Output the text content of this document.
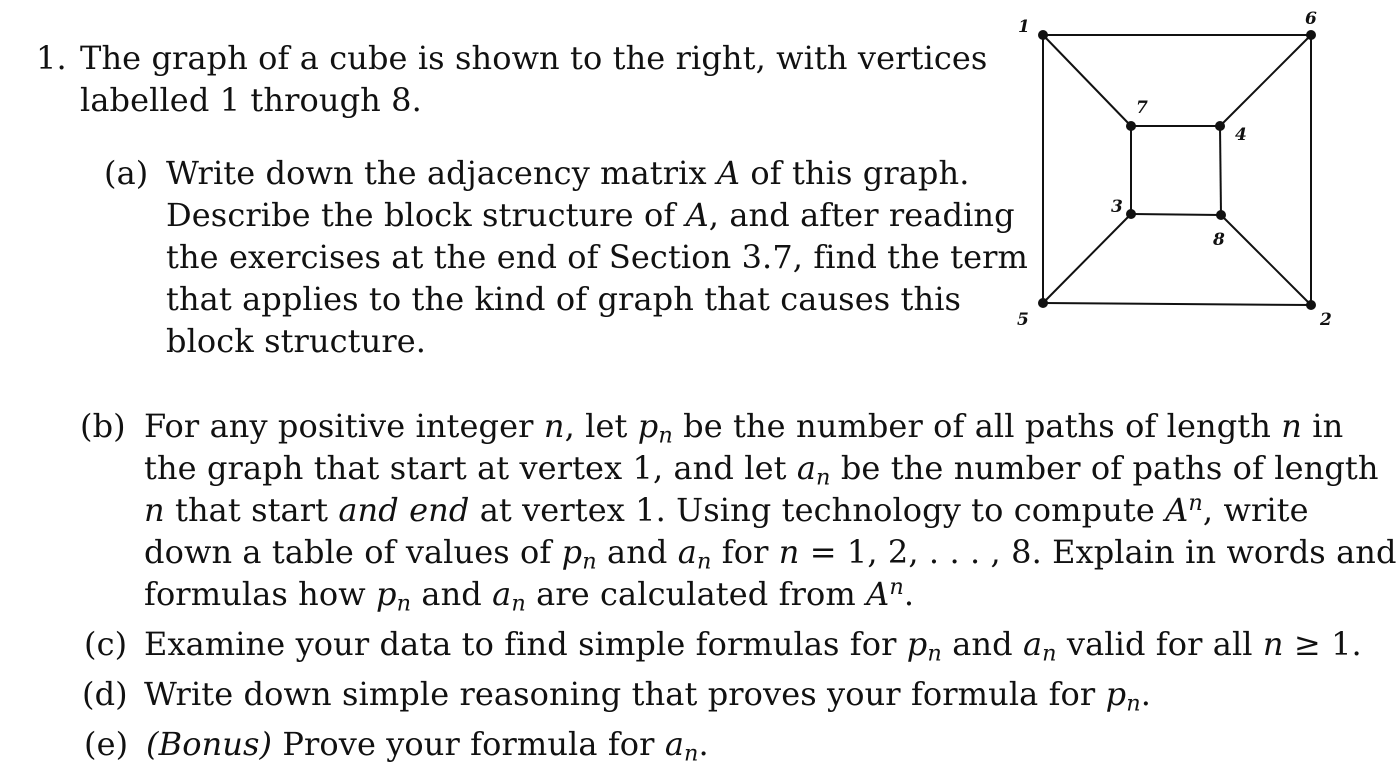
1. The graph of a cube is shown to the right, with vertices
labelled 1 through 8.
(a) Write down the adjacency matrix A of this graph.
Describe the block structure of A, and after reading
the exercises at the end of Section 3.7, find the term
that applies to the kind of graph that causes this
block structure.
(b) For any positive integer n, let $p_n$ be the number of all paths of length n in
the graph that start at vertex 1, and let $a_n$ be the number of paths of length
n that start and end at vertex 1. Using technology to compute $A^n$, write
down a table of values of $p_n$ and $a_n$ for n = 1, 2, . . . , 8. Explain in words and
formulas how $p_n$ and $a_n$ are calculated from $A^n$.
(c) Examine your data to find simple formulas for $p_n$ and $a_n$ valid for all n ≥ 1.
(d) Write down simple reasoning that proves your formula for $p_n$.
(e) (Bonus) Prove your formula for $a_n$.
1	6
7
4
3
8
5	2
